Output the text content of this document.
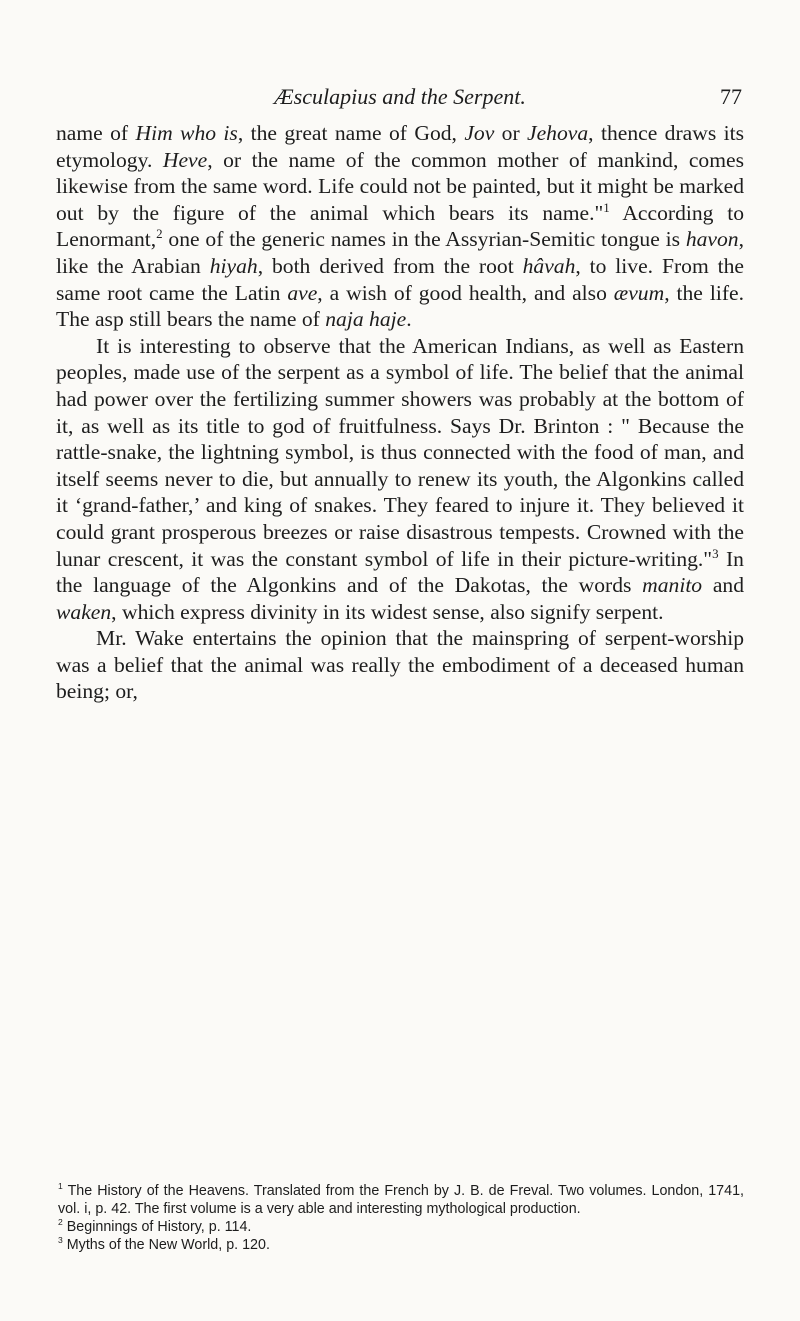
Æsculapius and the Serpent.	77

name of Him who is, the great name of God, Jov or Jehova, thence draws its etymology. Heve, or the name of the common mother of mankind, comes likewise from the same word. Life could not be painted, but it might be marked out by the figure of the animal which bears its name."$^1$ According to Lenormant,$^2$ one of the generic names in the Assyrian-Semitic tongue is havon, like the Arabian hiyah, both derived from the root hâvah, to live. From the same root came the Latin ave, a wish of good health, and also ævum, the life. The asp still bears the name of naja haje.

It is interesting to observe that the American Indians, as well as Eastern peoples, made use of the serpent as a symbol of life. The belief that the animal had power over the fertilizing summer showers was probably at the bottom of it, as well as its title to god of fruitfulness. Says Dr. Brinton : " Because the rattle-snake, the lightning symbol, is thus connected with the food of man, and itself seems never to die, but annually to renew its youth, the Algonkins called it ‘grand-father,’ and king of snakes. They feared to injure it. They believed it could grant prosperous breezes or raise disastrous tempests. Crowned with the lunar crescent, it was the constant symbol of life in their picture-writing."$^3$ In the language of the Algonkins and of the Dakotas, the words manito and waken, which express divinity in its widest sense, also signify serpent.

Mr. Wake entertains the opinion that the mainspring of serpent-worship was a belief that the animal was really the embodiment of a deceased human being; or,

$^1$ The History of the Heavens. Translated from the French by J. B. de Freval. Two volumes. London, 1741, vol. i, p. 42. The first volume is a very able and interesting mythological production.

$^2$ Beginnings of History, p. 114.

$^3$ Myths of the New World, p. 120.
